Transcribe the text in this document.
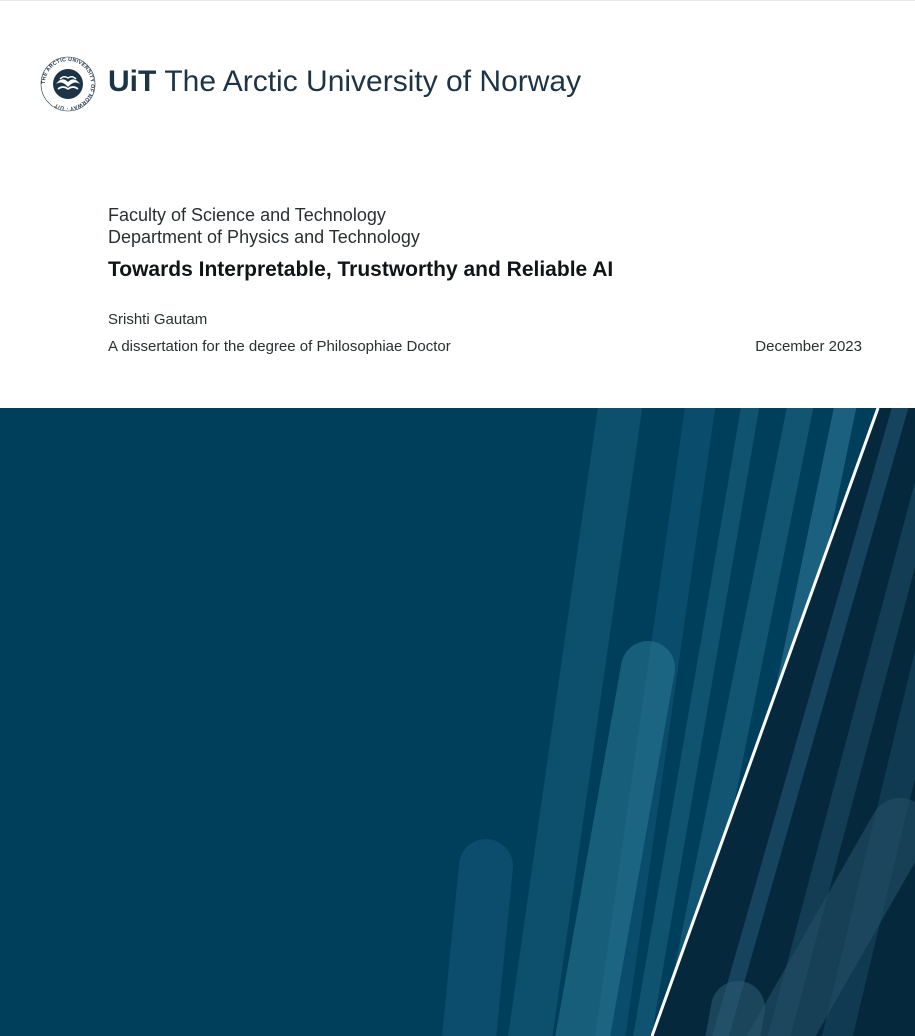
THE ARCTIC UNIVERSITY OF NORWAY · UiT
UiT The Arctic University of Norway
Faculty of Science and Technology
Department of Physics and Technology
Towards Interpretable, Trustworthy and Reliable AI
Srishti Gautam
A dissertation for the degree of Philosophiae Doctor	December 2023
